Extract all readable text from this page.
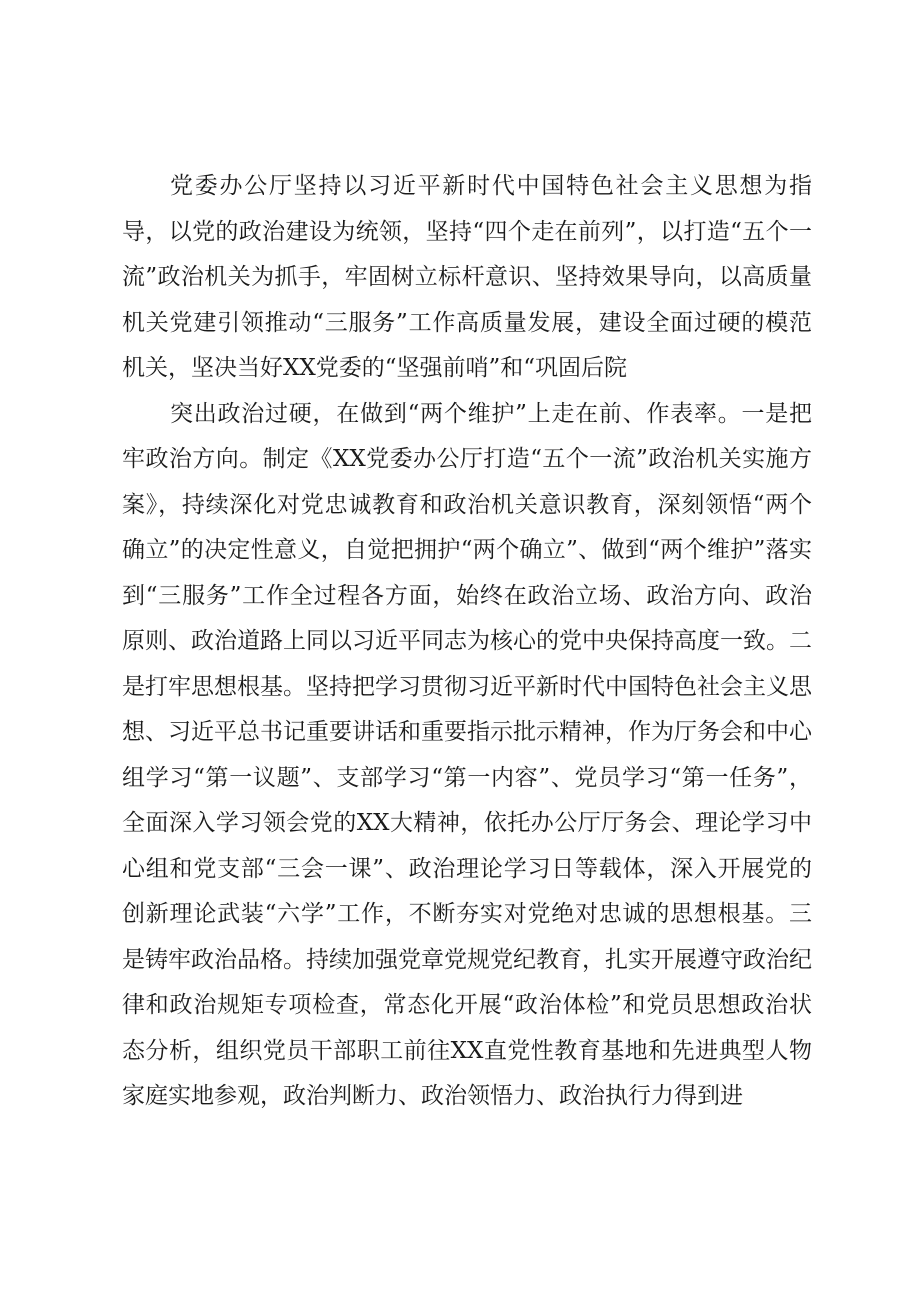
党委办公厅坚持以习近平新时代中国特色社会主义思想为指导，以党的政治建设为统领，坚持“四个走在前列”，以打造“五个一流”政治机关为抓手，牢固树立标杆意识、坚持效果导向，以高质量机关党建引领推动“三服务”工作高质量发展，建设全面过硬的模范机关，坚决当好XX党委的“坚强前哨”和“巩固后院

突出政治过硬，在做到“两个维护”上走在前、作表率。一是把牢政治方向。制定《XX党委办公厅打造“五个一流”政治机关实施方案》，持续深化对党忠诚教育和政治机关意识教育，深刻领悟“两个确立”的决定性意义，自觉把拥护“两个确立”、做到“两个维护”落实到“三服务”工作全过程各方面，始终在政治立场、政治方向、政治原则、政治道路上同以习近平同志为核心的党中央保持高度一致。二是打牢思想根基。坚持把学习贯彻习近平新时代中国特色社会主义思想、习近平总书记重要讲话和重要指示批示精神，作为厅务会和中心组学习“第一议题”、支部学习“第一内容”、党员学习“第一任务”，全面深入学习领会党的XX大精神，依托办公厅厅务会、理论学习中心组和党支部“三会一课”、政治理论学习日等载体，深入开展党的创新理论武装“六学”工作，不断夯实对党绝对忠诚的思想根基。三是铸牢政治品格。持续加强党章党规党纪教育，扎实开展遵守政治纪律和政治规矩专项检查，常态化开展“政治体检”和党员思想政治状态分析，组织党员干部职工前往XX直党性教育基地和先进典型人物家庭实地参观，政治判断力、政治领悟力、政治执行力得到进
